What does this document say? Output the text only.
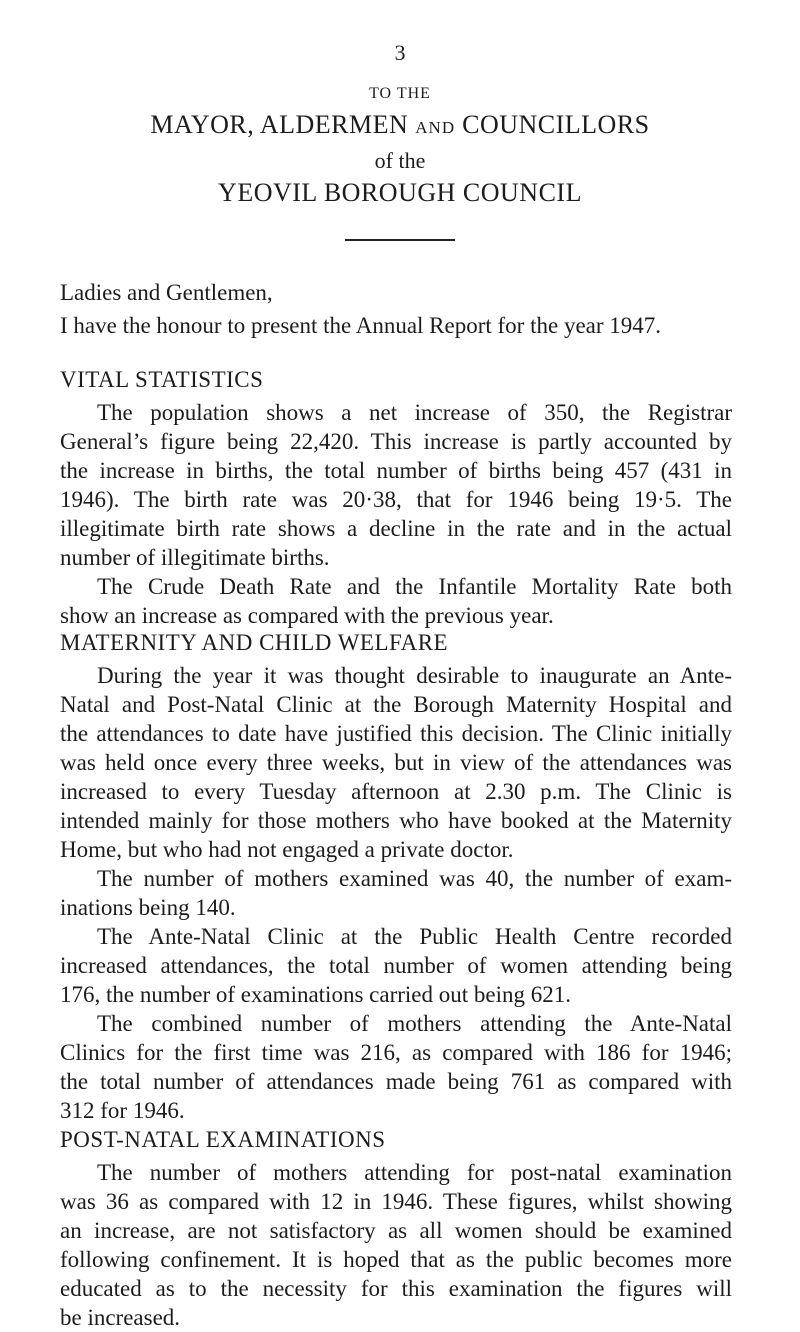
3
TO THE
MAYOR, ALDERMEN AND COUNCILLORS
of the
YEOVIL BOROUGH COUNCIL
Ladies and Gentlemen,
I have the honour to present the Annual Report for the year 1947.
VITAL STATISTICS
The population shows a net increase of 350, the Registrar
General’s figure being 22,420. This increase is partly accounted by
the increase in births, the total number of births being 457 (431 in
1946). The birth rate was 20·38, that for 1946 being 19·5. The
illegitimate birth rate shows a decline in the rate and in the actual
number of illegitimate births.
The Crude Death Rate and the Infantile Mortality Rate both
show an increase as compared with the previous year.
MATERNITY AND CHILD WELFARE
During the year it was thought desirable to inaugurate an Ante-
Natal and Post-Natal Clinic at the Borough Maternity Hospital and
the attendances to date have justified this decision. The Clinic initially
was held once every three weeks, but in view of the attendances was
increased to every Tuesday afternoon at 2.30 p.m. The Clinic is
intended mainly for those mothers who have booked at the Maternity
Home, but who had not engaged a private doctor.
The number of mothers examined was 40, the number of exam-
inations being 140.
The Ante-Natal Clinic at the Public Health Centre recorded
increased attendances, the total number of women attending being
176, the number of examinations carried out being 621.
The combined number of mothers attending the Ante-Natal
Clinics for the first time was 216, as compared with 186 for 1946;
the total number of attendances made being 761 as compared with
312 for 1946.
POST-NATAL EXAMINATIONS
The number of mothers attending for post-natal examination
was 36 as compared with 12 in 1946. These figures, whilst showing
an increase, are not satisfactory as all women should be examined
following confinement. It is hoped that as the public becomes more
educated as to the necessity for this examination the figures will
be increased.
